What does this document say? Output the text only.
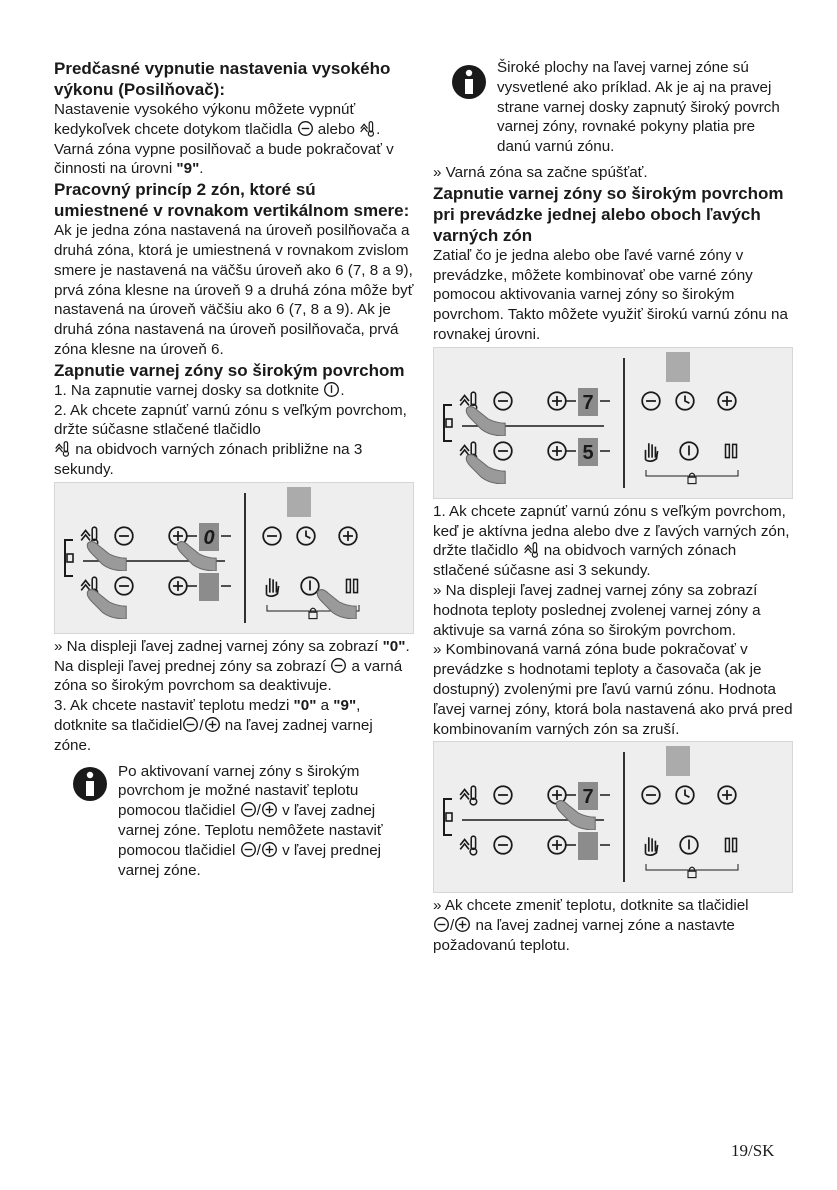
Predčasné vypnutie nastavenia vysokého výkonu (Posilňovač):

Nastavenie vysokého výkonu môžete vypnúť kedykoľvek chcete dotykom tlačidla alebo .

Varná zóna vypne posilňovač a bude pokračovať v činnosti na úrovni "9".

Pracovný princíp 2 zón, ktoré sú umiestnené v rovnakom vertikálnom smere:

Ak je jedna zóna nastavená na úroveň posilňovača a druhá zóna, ktorá je umiestnená v rovnakom zvislom smere je nastavená na väčšu úroveň ako 6 (7, 8 a 9), prvá zóna klesne na úroveň 9 a druhá zóna môže byť nastavená na úroveň väčšiu ako 6 (7, 8 a 9). Ak je druhá zóna nastavená na úroveň posilňovača, prvá zóna klesne na úroveň 6.

Zapnutie varnej zóny so širokým povrchom

1. Na zapnutie varnej dosky sa dotknite .

2. Ak chcete zapnúť varnú zónu s veľkým povrchom, držte súčasne stlačené tlačidlo
na obidvoch varných zónach približne na 3 sekundy.

0

» Na displeji ľavej zadnej varnej zóny sa zobrazí "0". Na displeji ľavej prednej zóny sa zobrazí a varná zóna so širokým povrchom sa deaktivuje.

3. Ak chcete nastaviť teplotu medzi "0" a "9", dotknite sa tlačidiel / na ľavej zadnej varnej zóne.

Po aktivovaní varnej zóny s širokým povrchom je možné nastaviť teplotu pomocou tlačidiel / v ľavej zadnej varnej zóne. Teplotu nemôžete nastaviť pomocou tlačidiel / v ľavej prednej varnej zóne.

Široké plochy na ľavej varnej zóne sú vysvetlené ako príklad. Ak je aj na pravej strane varnej dosky zapnutý široký povrch varnej zóny, rovnaké pokyny platia pre danú varnú zónu.

» Varná zóna sa začne spúšťať.

Zapnutie varnej zóny so širokým povrchom pri prevádzke jednej alebo oboch ľavých varných zón

Zatiaľ čo je jedna alebo obe ľavé varné zóny v prevádzke, môžete kombinovať obe varné zóny pomocou aktivovania varnej zóny so širokým povrchom. Takto môžete využiť širokú varnú zónu na rovnakej úrovni.

7
5

1. Ak chcete zapnúť varnú zónu s veľkým povrchom, keď je aktívna jedna alebo dve z ľavých varných zón, držte tlačidlo na obidvoch varných zónach stlačené súčasne asi 3 sekundy.

» Na displeji ľavej zadnej varnej zóny sa zobrazí hodnota teploty poslednej zvolenej varnej zóny a aktivuje sa varná zóna so širokým povrchom.

» Kombinovaná varná zóna bude pokračovať v prevádzke s hodnotami teploty a časovača (ak je dostupný) zvolenými pre ľavú varnú zónu. Hodnota ľavej varnej zóny, ktorá bola nastavená ako prvá pred kombinovaním varných zón sa zruší.

7

» Ak chcete zmeniť teplotu, dotknite sa tlačidiel
/ na ľavej zadnej varnej zóne a nastavte požadovanú teplotu.

19/SK
